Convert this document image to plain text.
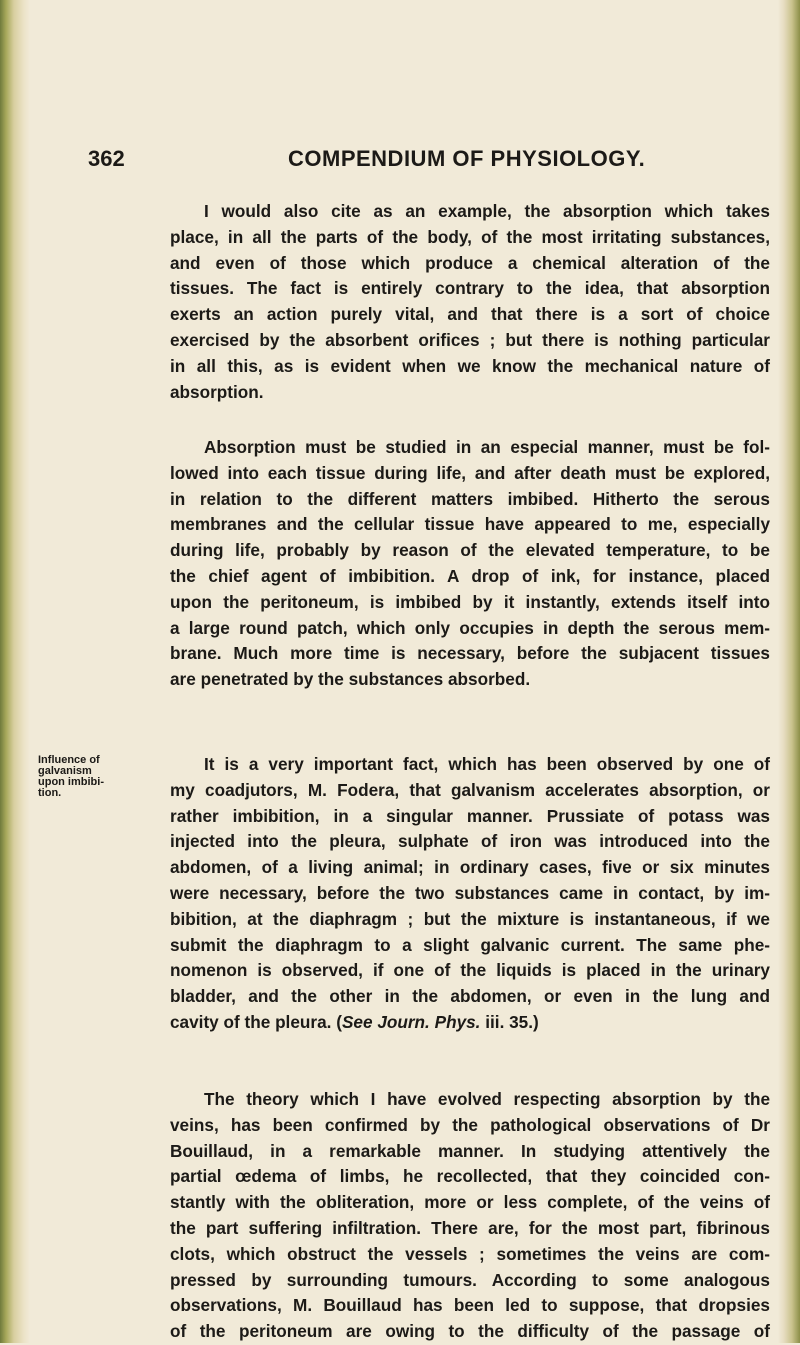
362	COMPENDIUM OF PHYSIOLOGY.
Influence of
galvanism
upon imbibi-
tion.

I would also cite as an example, the absorption which takes

place, in all the parts of the body, of the most irritating substances,

and even of those which produce a chemical alteration of the

tissues. The fact is entirely contrary to the idea, that absorption

exerts an action purely vital, and that there is a sort of choice

exercised by the absorbent orifices ; but there is nothing particular

in all this, as is evident when we know the mechanical nature of

absorption.

Absorption must be studied in an especial manner, must be fol-

lowed into each tissue during life, and after death must be explored,

in relation to the different matters imbibed. Hitherto the serous

membranes and the cellular tissue have appeared to me, especially

during life, probably by reason of the elevated temperature, to be

the chief agent of imbibition. A drop of ink, for instance, placed

upon the peritoneum, is imbibed by it instantly, extends itself into

a large round patch, which only occupies in depth the serous mem-

brane. Much more time is necessary, before the subjacent tissues

are penetrated by the substances absorbed.

It is a very important fact, which has been observed by one of

my coadjutors, M. Fodera, that galvanism accelerates absorption, or

rather imbibition, in a singular manner. Prussiate of potass was

injected into the pleura, sulphate of iron was introduced into the

abdomen, of a living animal; in ordinary cases, five or six minutes

were necessary, before the two substances came in contact, by im-

bibition, at the diaphragm ; but the mixture is instantaneous, if we

submit the diaphragm to a slight galvanic current. The same phe-

nomenon is observed, if one of the liquids is placed in the urinary

bladder, and the other in the abdomen, or even in the lung and

cavity of the pleura. (See Journ. Phys. iii. 35.)

The theory which I have evolved respecting absorption by the

veins, has been confirmed by the pathological observations of Dr

Bouillaud, in a remarkable manner. In studying attentively the

partial œdema of limbs, he recollected, that they coincided con-

stantly with the obliteration, more or less complete, of the veins of

the part suffering infiltration. There are, for the most part, fibrinous

clots, which obstruct the vessels ; sometimes the veins are com-

pressed by surrounding tumours. According to some analogous

observations, M. Bouillaud has been led to suppose, that dropsies

of the peritoneum are owing to the difficulty of the passage of
